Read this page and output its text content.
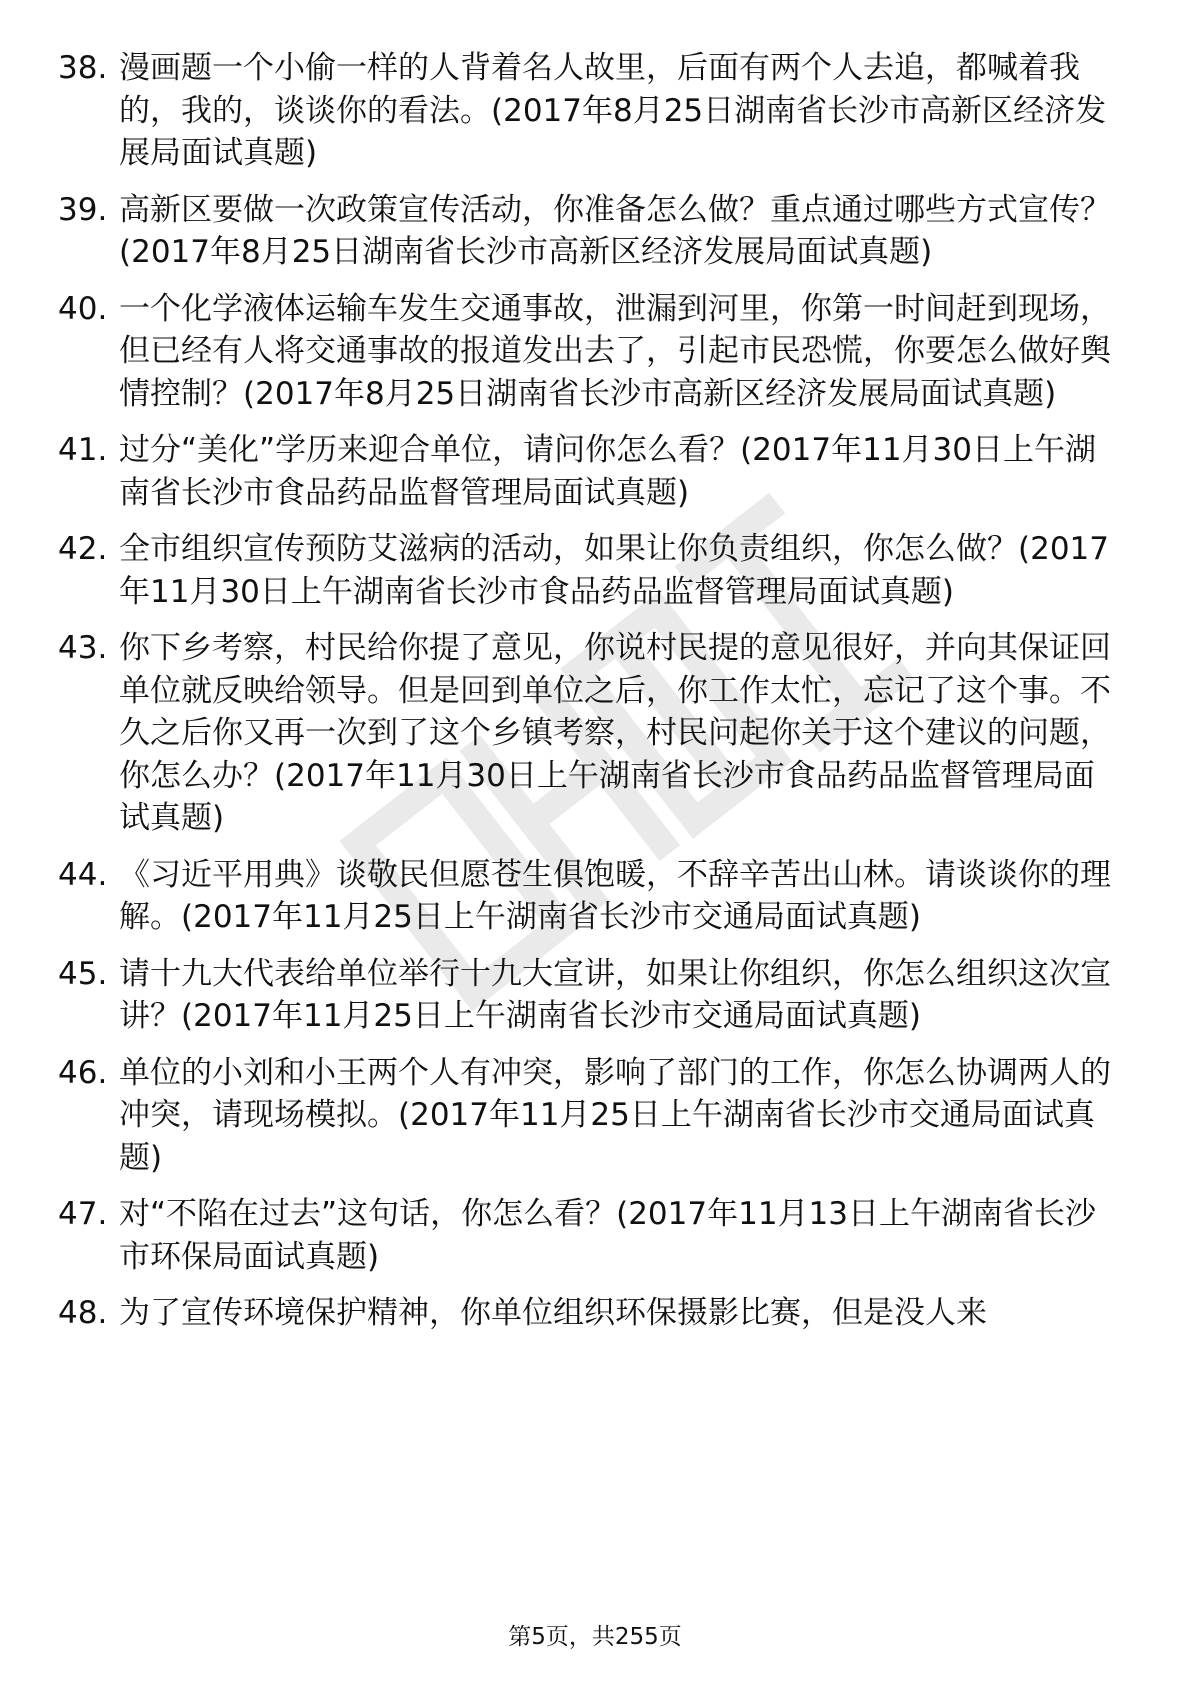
38. 漫画题一个小偷一样的人背着名人故里，后面有两个人去追，都喊着我的，我的，谈谈你的看法。(2017年8月25日湖南省长沙市高新区经济发展局面试真题)
39. 高新区要做一次政策宣传活动，你准备怎么做？重点通过哪些方式宣传？(2017年8月25日湖南省长沙市高新区经济发展局面试真题)
40. 一个化学液体运输车发生交通事故，泄漏到河里，你第一时间赶到现场，但已经有人将交通事故的报道发出去了，引起市民恐慌，你要怎么做好舆情控制？(2017年8月25日湖南省长沙市高新区经济发展局面试真题)
41. 过分“美化”学历来迎合单位，请问你怎么看？(2017年11月30日上午湖南省长沙市食品药品监督管理局面试真题)
42. 全市组织宣传预防艾滋病的活动，如果让你负责组织，你怎么做？(2017年11月30日上午湖南省长沙市食品药品监督管理局面试真题)
43. 你下乡考察，村民给你提了意见，你说村民提的意见很好，并向其保证回单位就反映给领导。但是回到单位之后，你工作太忙，忘记了这个事。不久之后你又再一次到了这个乡镇考察，村民问起你关于这个建议的问题，你怎么办？(2017年11月30日上午湖南省长沙市食品药品监督管理局面试真题)
44. 《习近平用典》谈敬民但愿苍生俱饱暖，不辞辛苦出山林。请谈谈你的理解。(2017年11月25日上午湖南省长沙市交通局面试真题)
45. 请十九大代表给单位举行十九大宣讲，如果让你组织，你怎么组织这次宣讲？(2017年11月25日上午湖南省长沙市交通局面试真题)
46. 单位的小刘和小王两个人有冲突，影响了部门的工作，你怎么协调两人的冲突，请现场模拟。(2017年11月25日上午湖南省长沙市交通局面试真题)
47. 对“不陷在过去”这句话，你怎么看？(2017年11月13日上午湖南省长沙市环保局面试真题)
48. 为了宣传环境保护精神，你单位组织环保摄影比赛，但是没人来
第5页，共255页
